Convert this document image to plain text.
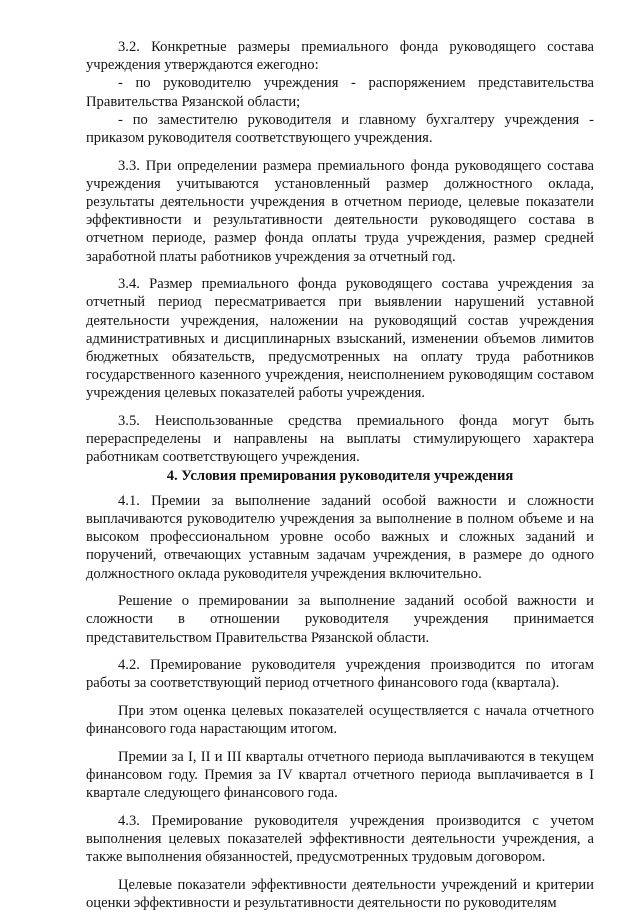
3.2. Конкретные размеры премиального фонда руководящего состава учреждения утверждаются ежегодно:

- по руководителю учреждения - распоряжением представительства Правительства Рязанской области;

- по заместителю руководителя и главному бухгалтеру учреждения - приказом руководителя соответствующего учреждения.

3.3. При определении размера премиального фонда руководящего состава учреждения учитываются установленный размер должностного оклада, результаты деятельности учреждения в отчетном периоде, целевые показатели эффективности и результативности деятельности руководящего состава в отчетном периоде, размер фонда оплаты труда учреждения, размер средней заработной платы работников учреждения за отчетный год.

3.4. Размер премиального фонда руководящего состава учреждения за отчетный период пересматривается при выявлении нарушений уставной деятельности учреждения, наложении на руководящий состав учреждения административных и дисциплинарных взысканий, изменении объемов лимитов бюджетных обязательств, предусмотренных на оплату труда работников государственного казенного учреждения, неисполнением руководящим составом учреждения целевых показателей работы учреждения.

3.5. Неиспользованные средства премиального фонда могут быть перераспределены и направлены на выплаты стимулирующего характера работникам соответствующего учреждения.

4. Условия премирования руководителя учреждения

4.1. Премии за выполнение заданий особой важности и сложности выплачиваются руководителю учреждения за выполнение в полном объеме и на высоком профессиональном уровне особо важных и сложных заданий и поручений, отвечающих уставным задачам учреждения, в размере до одного должностного оклада руководителя учреждения включительно.

Решение о премировании за выполнение заданий особой важности и сложности в отношении руководителя учреждения принимается представительством Правительства Рязанской области.

4.2. Премирование руководителя учреждения производится по итогам работы за соответствующий период отчетного финансового года (квартала).

При этом оценка целевых показателей осуществляется с начала отчетного финансового года нарастающим итогом.

Премии за I, II и III кварталы отчетного периода выплачиваются в текущем финансовом году. Премия за IV квартал отчетного периода выплачивается в I квартале следующего финансового года.

4.3. Премирование руководителя учреждения производится с учетом выполнения целевых показателей эффективности деятельности учреждения, а также выполнения обязанностей, предусмотренных трудовым договором.

Целевые показатели эффективности деятельности учреждений и критерии оценки эффективности и результативности деятельности по руководителям
